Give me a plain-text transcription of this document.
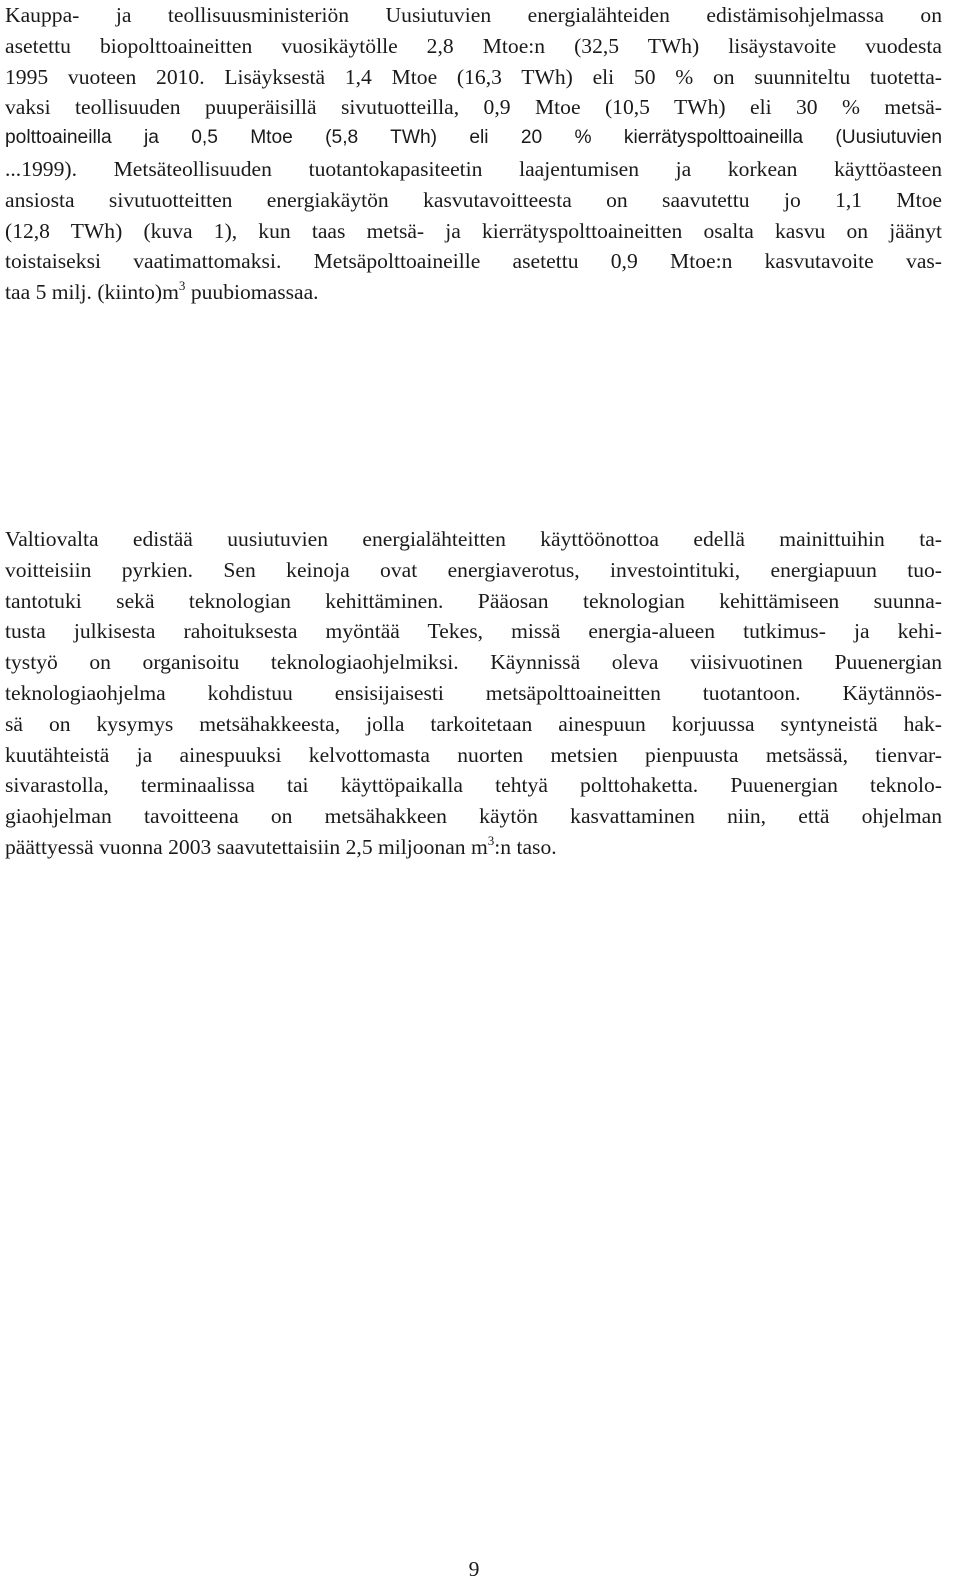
Kauppa- ja teollisuusministeriön Uusiutuvien energialähteiden edistämisohjelmassa on
asetettu biopolttoaineitten vuosikäytölle 2,8 Mtoe:n (32,5 TWh) lisäystavoite vuodesta
1995 vuoteen 2010. Lisäyksestä 1,4 Mtoe (16,3 TWh) eli 50 % on suunniteltu tuotetta-
vaksi teollisuuden puuperäisillä sivutuotteilla, 0,9 Mtoe (10,5 TWh) eli 30 % metsä-
polttoaineilla ja 0,5 Mtoe (5,8 TWh) eli 20 % kierrätyspolttoaineilla (Uusiutuvien
...1999). Metsäteollisuuden tuotantokapasiteetin laajentumisen ja korkean käyttöasteen
ansiosta sivutuotteitten energiakäytön kasvutavoitteesta on saavutettu jo 1,1 Mtoe
(12,8 TWh) (kuva 1), kun taas metsä- ja kierrätyspolttoaineitten osalta kasvu on jäänyt
toistaiseksi vaatimattomaksi. Metsäpolttoaineille asetettu 0,9 Mtoe:n kasvutavoite vas-
taa 5 milj. $(kiinto)m^3$ puubiomassaa.
Valtiovalta edistää uusiutuvien energialähteitten käyttöönottoa edellä mainittuihin ta-
voitteisiin pyrkien. Sen keinoja ovat energiaverotus, investointituki, energiapuun tuo-
tantotuki sekä teknologian kehittäminen. Pääosan teknologian kehittämiseen suunna-
tusta julkisesta rahoituksesta myöntää Tekes, missä energia-alueen tutkimus- ja kehi-
tystyö on organisoitu teknologiaohjelmiksi. Käynnissä oleva viisivuotinen Puuenergian
teknologiaohjelma kohdistuu ensisijaisesti metsäpolttoaineitten tuotantoon. Käytännös-
sä on kysymys metsähakkeesta, jolla tarkoitetaan ainespuun korjuussa syntyneistä hak-
kuutähteistä ja ainespuuksi kelvottomasta nuorten metsien pienpuusta metsässä, tienvar-
sivarastolla, terminaalissa tai käyttöpaikalla tehtyä polttohaketta. Puuenergian teknolo-
giaohjelman tavoitteena on metsähakkeen käytön kasvattaminen niin, että ohjelman
päättyessä vuonna 2003 saavutettaisiin 2,5 miljoonan $m^3:n$ taso.
9
